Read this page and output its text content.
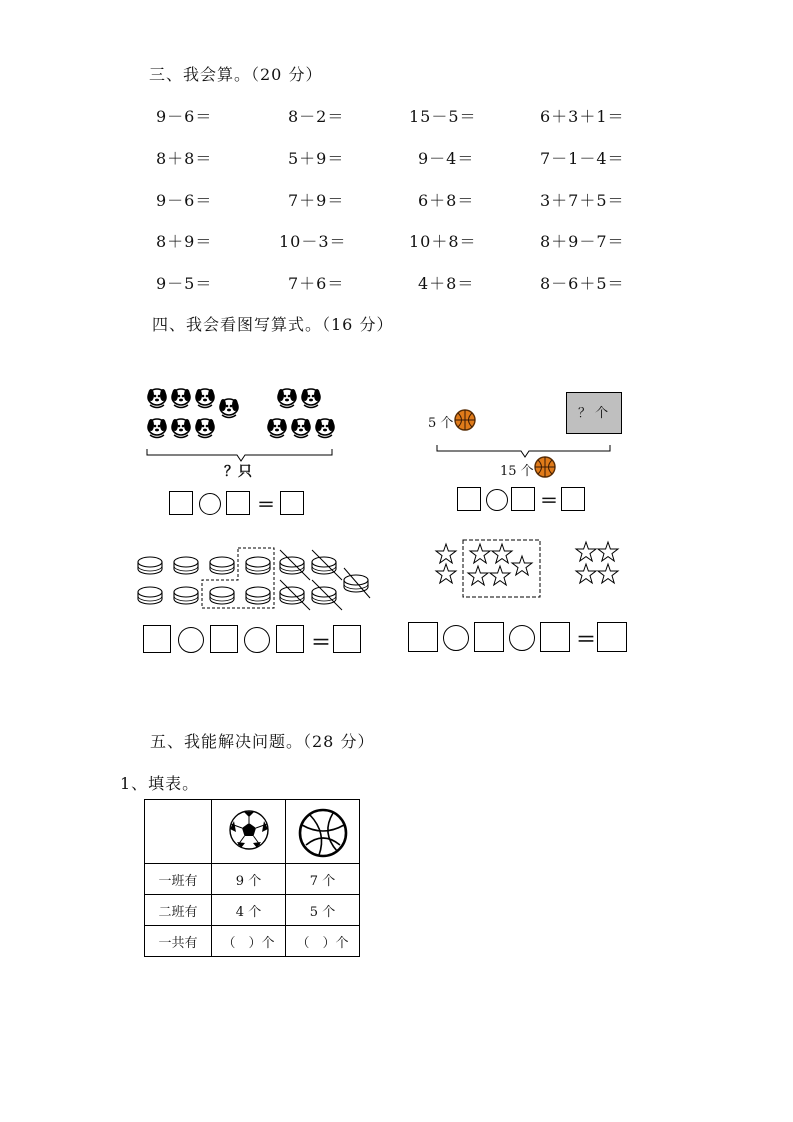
三、我会算。（20 分）
9－6＝	8－2＝	15－5＝	6＋3＋1＝
8＋8＝	5＋9＝	9－4＝	7－1－4＝
9－6＝	7＋9＝	6＋8＝	3＋7＋5＝
8＋9＝	10－3＝	10＋8＝	8＋9－7＝
9－5＝	7＋6＝	4＋8＝	8－6＋5＝
四、我会看图写算式。（16 分）
？只
＝
5 个
？ 个
15 个
＝
＝	＝
五、我能解决问题。（28 分）
1、填表。

一班有	9 个	7 个
二班有	4 个	5 个
一共有	（　）个	（　）个
